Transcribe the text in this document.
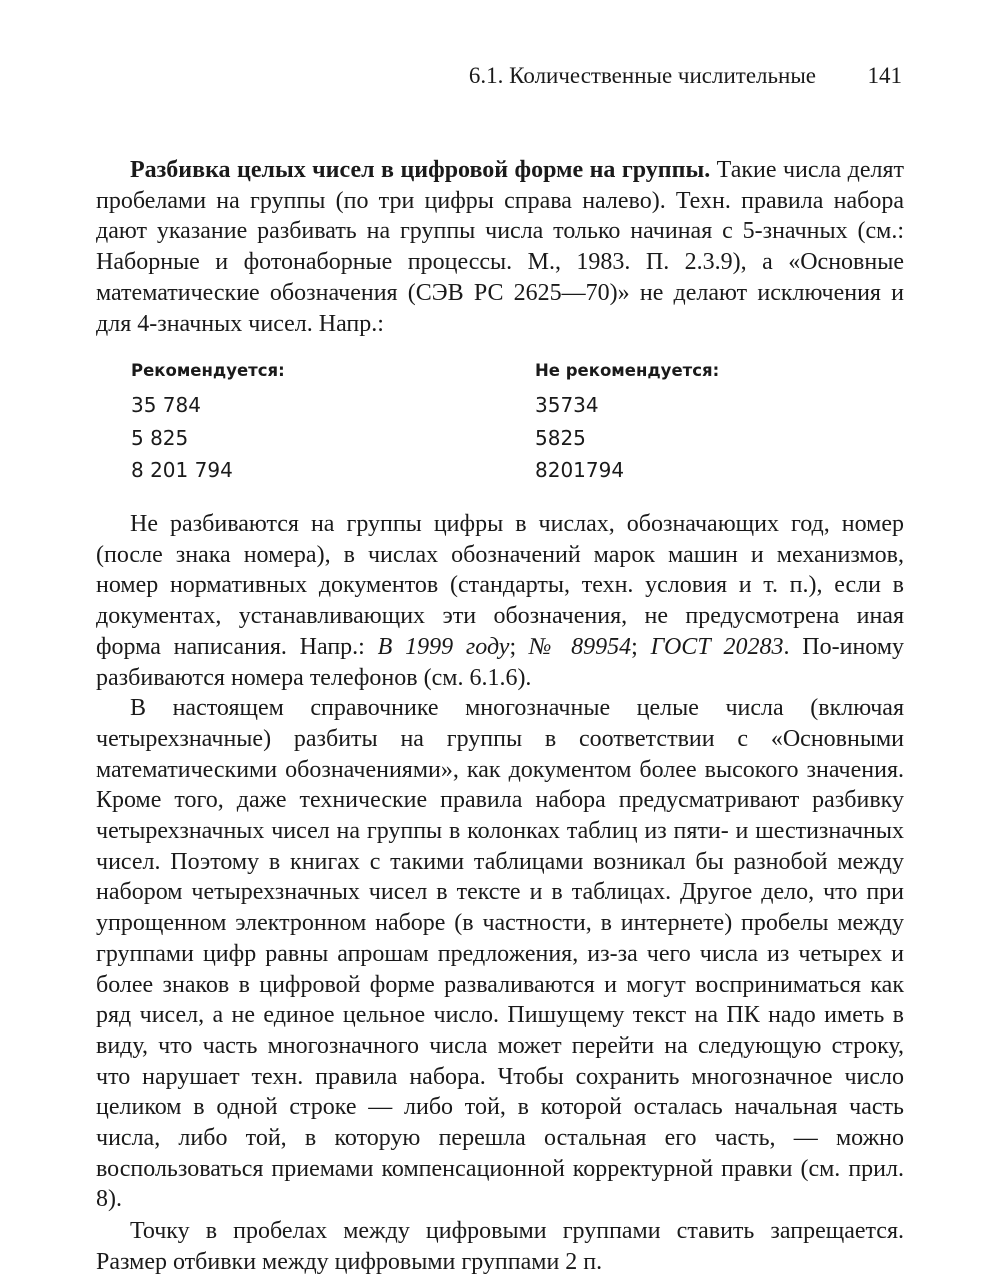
6.1. Количественные числительные 141

Разбивка целых чисел в цифровой форме на группы. Такие числа делят пробелами на группы (по три цифры справа налево). Техн. правила набора дают указание разбивать на группы числа только начиная с 5-значных (см.: Наборные и фотонаборные процессы. М., 1983. П. 2.3.9), а «Основные математические обозначения (СЭВ РС 2625—70)» не делают исключения и для 4-значных чисел. Напр.:

Рекомендуется:
35 784
5 825
8 201 794
Не рекомендуется:
35734
5825
8201794

Не разбиваются на группы цифры в числах, обозначающих год, номер (после знака номера), в числах обозначений марок машин и механизмов, номер нормативных документов (стандарты, техн. условия и т. п.), если в документах, устанавливающих эти обозначения, не предусмотрена иная форма написания. Напр.: В 1999 году; № 89954; ГОСТ 20283. По-иному разбиваются номера телефонов (см. 6.1.6).

В настоящем справочнике многозначные целые числа (включая четырехзначные) разбиты на группы в соответствии с «Основными математическими обозначениями», как документом более высокого значения. Кроме того, даже технические правила набора предусматривают разбивку четырехзначных чисел на группы в колонках таблиц из пяти- и шестизначных чисел. Поэтому в книгах с такими таблицами возникал бы разнобой между набором четырехзначных чисел в тексте и в таблицах. Другое дело, что при упрощенном электронном наборе (в частности, в интернете) пробелы между группами цифр равны апрошам предложения, из-за чего числа из четырех и более знаков в цифровой форме разваливаются и могут восприниматься как ряд чисел, а не единое цельное число. Пишущему текст на ПК надо иметь в виду, что часть многозначного числа может перейти на следующую строку, что нарушает техн. правила набора. Чтобы сохранить многозначное число целиком в одной строке — либо той, в которой осталась начальная часть числа, либо той, в которую перешла остальная его часть, — можно воспользоваться приемами компенсационной корректурной правки (см. прил. 8).

Точку в пробелах между цифровыми группами ставить запрещается. Размер отбивки между цифровыми группами 2 п.
